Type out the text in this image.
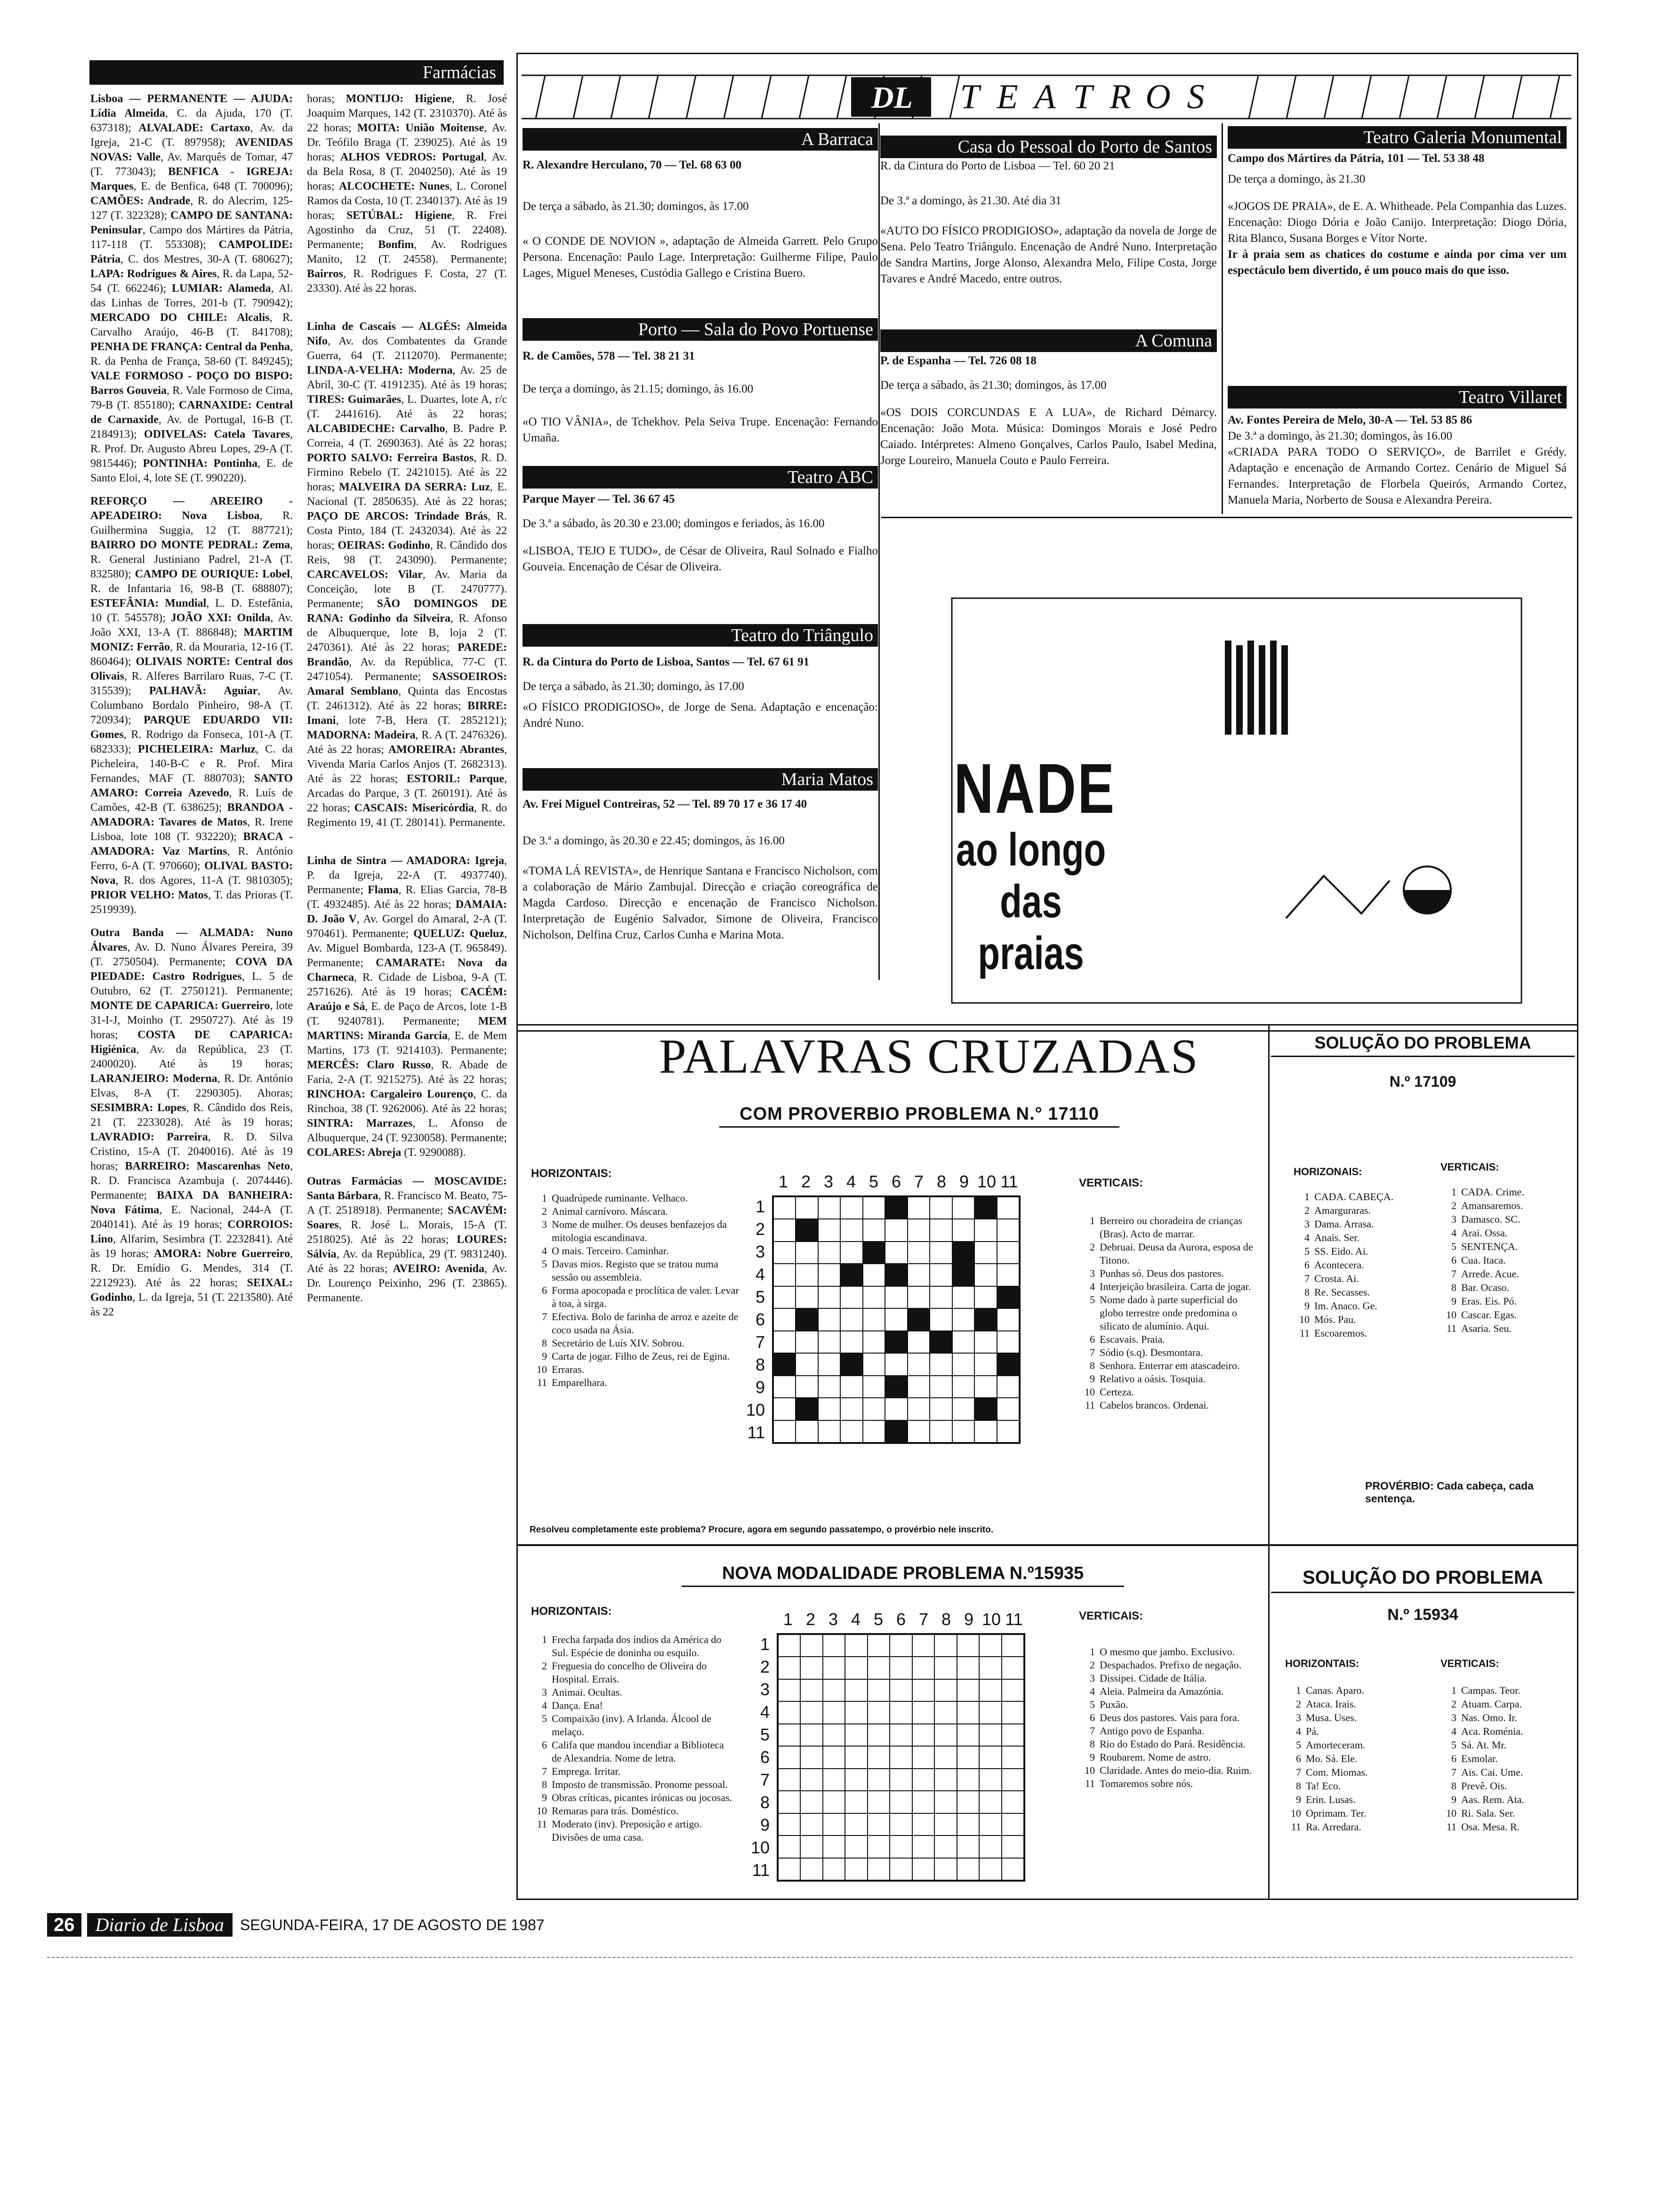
Farmácias

Lisboa — PERMANENTE — AJUDA: Lídia Almeida, C. da Ajuda, 170 (T. 637318); ALVALADE: Cartaxo, Av. da Igreja, 21-C (T. 897958); AVENIDAS NOVAS: Valle, Av. Marquês de Tomar, 47 (T. 773043); BENFICA - IGREJA: Marques, E. de Benfica, 648 (T. 700096); CAMÕES: Andrade, R. do Alecrim, 125-127 (T. 322328); CAMPO DE SANTANA: Peninsular, Campo dos Mártires da Pátria, 117-118 (T. 553308); CAMPOLIDE: Pátria, C. dos Mestres, 30-A (T. 680627); LAPA: Rodrigues & Aires, R. da Lapa, 52-54 (T. 662246); LUMIAR: Alameda, Al. das Linhas de Torres, 201-b (T. 790942); MERCADO DO CHILE: Alcalis, R. Carvalho Araújo, 46-B (T. 841708); PENHA DE FRANÇA: Central da Penha, R. da Penha de França, 58-60 (T. 849245); VALE FORMOSO - POÇO DO BISPO: Barros Gouveia, R. Vale Formoso de Cima, 79-B (T. 855180); CARNAXIDE: Central de Carnaxide, Av. de Portugal, 16-B (T. 2184913); ODIVELAS: Catela Tavares, R. Prof. Dr. Augusto Abreu Lopes, 29-A (T. 9815446); PONTINHA: Pontinha, E. de Santo Eloi, 4, lote SE (T. 990220).

REFORÇO — AREEIRO - APEADEIRO: Nova Lisboa, R. Guilhermina Suggia, 12 (T. 887721); BAIRRO DO MONTE PEDRAL: Zema, R. General Justiniano Padrel, 21-A (T. 832580); CAMPO DE OURIQUE: Lobel, R. de Infantaria 16, 98-B (T. 688807); ESTEFÂNIA: Mundial, L. D. Estefânia, 10 (T. 545578); JOÃO XXI: Onilda, Av. João XXI, 13-A (T. 886848); MARTIM MONIZ: Ferrão, R. da Mouraria, 12-16 (T. 860464); OLIVAIS NORTE: Central dos Olivais, R. Alferes Barrilaro Ruas, 7-C (T. 315539); PALHAVÃ: Aguiar, Av. Columbano Bordalo Pinheiro, 98-A (T. 720934); PARQUE EDUARDO VII: Gomes, R. Rodrigo da Fonseca, 101-A (T. 682333); PICHELEIRA: Marluz, C. da Picheleira, 140-B-C e R. Prof. Mira Fernandes, MAF (T. 880703); SANTO AMARO: Correia Azevedo, R. Luís de Camões, 42-B (T. 638625); BRANDOA - AMADORA: Tavares de Matos, R. Irene Lisboa, lote 108 (T. 932220); BRACA - AMADORA: Vaz Martins, R. António Ferro, 6-A (T. 970660); OLIVAL BASTO: Nova, R. dos Agores, 11-A (T. 9810305); PRIOR VELHO: Matos, T. das Prioras (T. 2519939).

Outra Banda — ALMADA: Nuno Álvares, Av. D. Nuno Álvares Pereira, 39 (T. 2750504). Permanente; COVA DA PIEDADE: Castro Rodrigues, L. 5 de Outubro, 62 (T. 2750121). Permanente; MONTE DE CAPARICA: Guerreiro, lote 31-I-J, Moinho (T. 2950727). Até às 19 horas; COSTA DE CAPARICA: Higiénica, Av. da República, 23 (T. 2400020). Até às 19 horas; LARANJEIRO: Moderna, R. Dr. António Elvas, 8-A (T. 2290305). Ahoras; SESIMBRA: Lopes, R. Cândido dos Reis, 21 (T. 2233028). Até às 19 horas; LAVRADIO: Parreira, R. D. Silva Cristino, 15-A (T. 2040016). Até às 19 horas; BARREIRO: Mascarenhas Neto, R. D. Francisca Azambuja (. 2074446). Permanente; BAIXA DA BANHEIRA: Nova Fátima, E. Nacional, 244-A (T. 2040141). Até às 19 horas; CORROIOS: Lino, Alfarim, Sesimbra (T. 2232841). Até às 19 horas; AMORA: Nobre Guerreiro, R. Dr. Emídio G. Mendes, 314 (T. 2212923). Até às 22 horas; SEIXAL: Godinho, L. da Igreja, 51 (T. 2213580). Até às 22

horas; MONTIJO: Higiene, R. José Joaquim Marques, 142 (T. 2310370). Até às 22 horas; MOITA: União Moitense, Av. Dr. Teófilo Braga (T. 239025). Até às 19 horas; ALHOS VEDROS: Portugal, Av. da Bela Rosa, 8 (T. 2040250). Até às 19 horas; ALCOCHETE: Nunes, L. Coronel Ramos da Costa, 10 (T. 2340137). Até às 19 horas; SETÚBAL: Higiene, R. Frei Agostinho da Cruz, 51 (T. 22408). Permanente; Bonfim, Av. Rodrigues Manito, 12 (T. 24558). Permanente; Bairros, R. Rodrigues F. Costa, 27 (T. 23330). Até às 22 horas.

Linha de Cascais — ALGÉS: Almeida Nifo, Av. dos Combatentes da Grande Guerra, 64 (T. 2112070). Permanente; LINDA-A-VELHA: Moderna, Av. 25 de Abril, 30-C (T. 4191235). Até às 19 horas; TIRES: Guimarães, L. Duartes, lote A, r/c (T. 2441616). Até às 22 horas; ALCABIDECHE: Carvalho, B. Padre P. Correia, 4 (T. 2690363). Até às 22 horas; PORTO SALVO: Ferreira Bastos, R. D. Firmino Rebelo (T. 2421015). Até às 22 horas; MALVEIRA DA SERRA: Luz, E. Nacional (T. 2850635). Até às 22 horas; PAÇO DE ARCOS: Trindade Brás, R. Costa Pinto, 184 (T. 2432034). Até às 22 horas; OEIRAS: Godinho, R. Cândido dos Reis, 98 (T. 243090). Permanente; CARCAVELOS: Vilar, Av. Maria da Conceição, lote B (T. 2470777). Permanente; SÃO DOMINGOS DE RANA: Godinho da Silveira, R. Afonso de Albuquerque, lote B, loja 2 (T. 2470361). Até às 22 horas; PAREDE: Brandão, Av. da República, 77-C (T. 2471054). Permanente; SASSOEIROS: Amaral Semblano, Quinta das Encostas (T. 2461312). Até às 22 horas; BIRRE: Imani, lote 7-B, Hera (T. 2852121); MADORNA: Madeira, R. A (T. 2476326). Até às 22 horas; AMOREIRA: Abrantes, Vivenda Maria Carlos Anjos (T. 2682313). Até às 22 horas; ESTORIL: Parque, Arcadas do Parque, 3 (T. 260191). Até às 22 horas; CASCAIS: Misericórdia, R. do Regimento 19, 41 (T. 280141). Permanente.

Linha de Sintra — AMADORA: Igreja, P. da Igreja, 22-A (T. 4937740). Permanente; Flama, R. Elias Garcia, 78-B (T. 4932485). Até às 22 horas; DAMAIA: D. João V, Av. Gorgel do Amaral, 2-A (T. 970461). Permanente; QUELUZ: Queluz, Av. Miguel Bombarda, 123-A (T. 965849). Permanente; CAMARATE: Nova da Charneca, R. Cidade de Lisboa, 9-A (T. 2571626). Até às 19 horas; CACÉM: Araújo e Sá, E. de Paço de Arcos, lote 1-B (T. 9240781). Permanente; MEM MARTINS: Miranda Garcia, E. de Mem Martins, 173 (T. 9214103). Permanente; MERCÊS: Claro Russo, R. Abade de Faria, 2-A (T. 9215275). Até às 22 horas; RINCHOA: Cargaleiro Lourenço, C. da Rinchoa, 38 (T. 9262006). Até às 22 horas; SINTRA: Marrazes, L. Afonso de Albuquerque, 24 (T. 9230058). Permanente; COLARES: Abreja (T. 9290088).

Outras Farmácias — MOSCAVIDE: Santa Bárbara, R. Francisco M. Beato, 75-A (T. 2518918). Permanente; SACAVÉM: Soares, R. José L. Morais, 15-A (T. 2518025). Até às 22 horas; LOURES: Sálvia, Av. da República, 29 (T. 9831240). Até às 22 horas; AVEIRO: Avenida, Av. Dr. Lourenço Peixinho, 296 (T. 23865). Permanente.

DL	T E A T R O S
A Barraca

R. Alexandre Herculano, 70 — Tel. 68 63 00

De terça a sábado, às 21.30; domingos, às 17.00

« O CONDE DE NOVION », adaptação de Almeida Garrett. Pelo Grupo Persona. Encenação: Paulo Lage. Interpretação: Guilherme Filipe, Paulo Lages, Miguel Meneses, Custódia Gallego e Cristina Buero.

Porto — Sala do Povo Portuense

R. de Camões, 578 — Tel. 38 21 31

De terça a domingo, às 21.15; domingo, às 16.00

«O TIO VÂNIA», de Tchekhov. Pela Seiva Trupe. Encenação: Fernando Umaña.

Teatro ABC

Parque Mayer — Tel. 36 67 45

De 3.ª a sábado, às 20.30 e 23.00; domingos e feriados, às 16.00

«LISBOA, TEJO E TUDO», de César de Oliveira, Raul Solnado e Fialho Gouveia. Encenação de César de Oliveira.

Teatro do Triângulo

R. da Cintura do Porto de Lisboa, Santos — Tel. 67 61 91

De terça a sábado, às 21.30; domingo, às 17.00

«O FÍSICO PRODIGIOSO», de Jorge de Sena. Adaptação e encenação: André Nuno.

Maria Matos

Av. Frei Miguel Contreiras, 52 — Tel. 89 70 17 e 36 17 40

De 3.ª a domingo, às 20.30 e 22.45; domingos, às 16.00

«TOMA LÁ REVISTA», de Henrique Santana e Francisco Nicholson, com a colaboração de Mário Zambujal. Direcção e criação coreográfica de Magda Cardoso. Direcção e encenação de Francisco Nicholson. Interpretação de Eugénio Salvador, Simone de Oliveira, Francisco Nicholson, Delfina Cruz, Carlos Cunha e Marina Mota.

Casa do Pessoal do Porto de Santos

R. da Cintura do Porto de Lisboa — Tel. 60 20 21

De 3.ª a domingo, às 21.30. Até dia 31

«AUTO DO FÍSICO PRODIGIOSO», adaptação da novela de Jorge de Sena. Pelo Teatro Triângulo. Encenação de André Nuno. Interpretação de Sandra Martins, Jorge Alonso, Alexandra Melo, Filipe Costa, Jorge Tavares e André Macedo, entre outros.

A Comuna

P. de Espanha — Tel. 726 08 18

De terça a sábado, às 21.30; domingos, às 17.00

«OS DOIS CORCUNDAS E A LUA», de Richard Démarcy. Encenação: João Mota. Música: Domingos Morais e José Pedro Caiado. Intérpretes: Almeno Gonçalves, Carlos Paulo, Isabel Medina, Jorge Loureiro, Manuela Couto e Paulo Ferreira.

Teatro Galeria Monumental

Campo dos Mártires da Pátria, 101 — Tel. 53 38 48

De terça a domingo, às 21.30

«JOGOS DE PRAIA», de E. A. Whitheade. Pela Companhia das Luzes. Encenação: Diogo Dória e João Canijo. Interpretação: Diogo Dória, Rita Blanco, Susana Borges e Vítor Norte.

Ir à praia sem as chatices do costume e ainda por cima ver um espectáculo bem divertido, é um pouco mais do que isso.

Teatro Villaret

Av. Fontes Pereira de Melo, 30-A — Tel. 53 85 86

De 3.ª a domingo, às 21.30; domingos, às 16.00

«CRIADA PARA TODO O SERVIÇO», de Barrilet e Grédy. Adaptação e encenação de Armando Cortez. Cenário de Miguel Sá Fernandes. Interpretação de Florbela Queirós, Armando Cortez, Manuela Maria, Norberto de Sousa e Alexandra Pereira.

NADE
ao longo
das praias
PALAVRAS CRUZADAS
COM PROVERBIO PROBLEMA N.° 17110
HORIZONTAIS:
1 Quadrúpede ruminante. Velhaco.
2 Animal carnívoro. Máscara.
3 Nome de mulher. Os deuses benfazejos da mitologia escandinava.
4 O mais. Terceiro. Caminhar.
5 Davas mios. Registo que se tratou numa sessão ou assembleia.
6 Forma apocopada e proclítica de valer. Levar à toa, à sirga.
7 Efectiva. Bolo de farinha de arroz e azeite de coco usada na Ásia.
8 Secretário de Luís XIV. Sobrou.
9 Carta de jogar. Filho de Zeus, rei de Egina.
10 Erraras.
11 Emparelhara.
1 2 3 4 5 6 7 8 9 10 11
1
2
3
4
5
6
7
8
9
10
11
VERTICAIS:
1 Berreiro ou choradeira de crianças (Bras). Acto de marrar.
2 Debruai. Deusa da Aurora, esposa de Titono.
3 Punhas só. Deus dos pastores.
4 Interjeição brasileira. Carta de jogar.
5 Nome dado à parte superficial do globo terrestre onde predomina o silicato de alumínio. Aqui.
6 Escavais. Praia.
7 Sódio (s.q). Desmontara.
8 Senhora. Enterrar em atascadeiro.
9 Relativo a oásis. Tosquia.
10 Certeza.
11 Cabelos brancos. Ordenai.
Resolveu completamente este problema? Procure, agora em segundo passatempo, o provérbio nele inscrito.
SOLUÇÃO DO PROBLEMA
N.º 17109
HORIZONAIS:
1 CADA. CABEÇA.
2 Amarguraras.
3 Dama. Arrasa.
4 Anais. Ser.
5 SS. Eido. Ai.
6 Acontecera.
7 Crosta. Ai.
8 Re. Secasses.
9 Im. Anaco. Ge.
10 Mós. Pau.
11 Escoaremos.
VERTICAIS:
1 CADA. Crime.
2 Amansaremos.
3 Damasco. SC.
4 Arai. Ossa.
5 SENTENÇA.
6 Cua. Itaca.
7 Arrede. Acue.
8 Bar. Ocaso.
9 Eras. Eis. Pó.
10 Cascar. Egas.
11 Asaria. Seu.
PROVÉRBIO: Cada cabeça, cada sentença.
NOVA MODALIDADE PROBLEMA N.º15935
HORIZONTAIS:
1 Frecha farpada dos índios da América do Sul. Espécie de doninha ou esquilo.
2 Freguesia do concelho de Oliveira do Hospital. Errais.
3 Animai. Ocultas.
4 Dança. Ena!
5 Compaixão (inv). A Irlanda. Álcool de melaço.
6 Califa que mandou incendiar a Biblioteca de Alexandria. Nome de letra.
7 Emprega. Irritar.
8 Imposto de transmissão. Pronome pessoal.
9 Obras críticas, picantes irónicas ou jocosas.
10 Remaras para trás. Doméstico.
11 Moderato (inv). Preposição e artigo. Divisões de uma casa.
1 2 3 4 5 6 7 8 9 10 11
1
2
3
4
5
6
7
8
9
10
11
VERTICAIS:
1 O mesmo que jambo. Exclusivo.
2 Despachados. Prefixo de negação.
3 Dissipei. Cidade de Itália.
4 Aleia. Palmeira da Amazónia.
5 Puxão.
6 Deus dos pastores. Vais para fora.
7 Antigo povo de Espanha.
8 Rio do Estado do Pará. Residência.
9 Roubarem. Nome de astro.
10 Claridade. Antes do meio-dia. Ruim.
11 Tomaremos sobre nós.
SOLUÇÃO DO PROBLEMA
N.º 15934
HORIZONTAIS:
1 Canas. Aparo.
2 Ataca. Irais.
3 Musa. Uses.
4 Pá.
5 Amorteceram.
6 Mo. Sá. Ele.
7 Com. Miomas.
8 Ta! Eco.
9 Erin. Lusas.
10 Oprimam. Ter.
11 Ra. Arredara.
VERTICAIS:
1 Campas. Teor.
2 Atuam. Carpa.
3 Nas. Omo. Ir.
4 Aca. Roménia.
5 Sá. At. Mr.
6 Esmolar.
7 Ais. Cai. Ume.
8 Prevê. Ois.
9 Aas. Rem. Ata.
10 Ri. Sala. Ser.
11 Osa. Mesa. R.
26	Diario de Lisboa	SEGUNDA-FEIRA, 17 DE AGOSTO DE 1987
